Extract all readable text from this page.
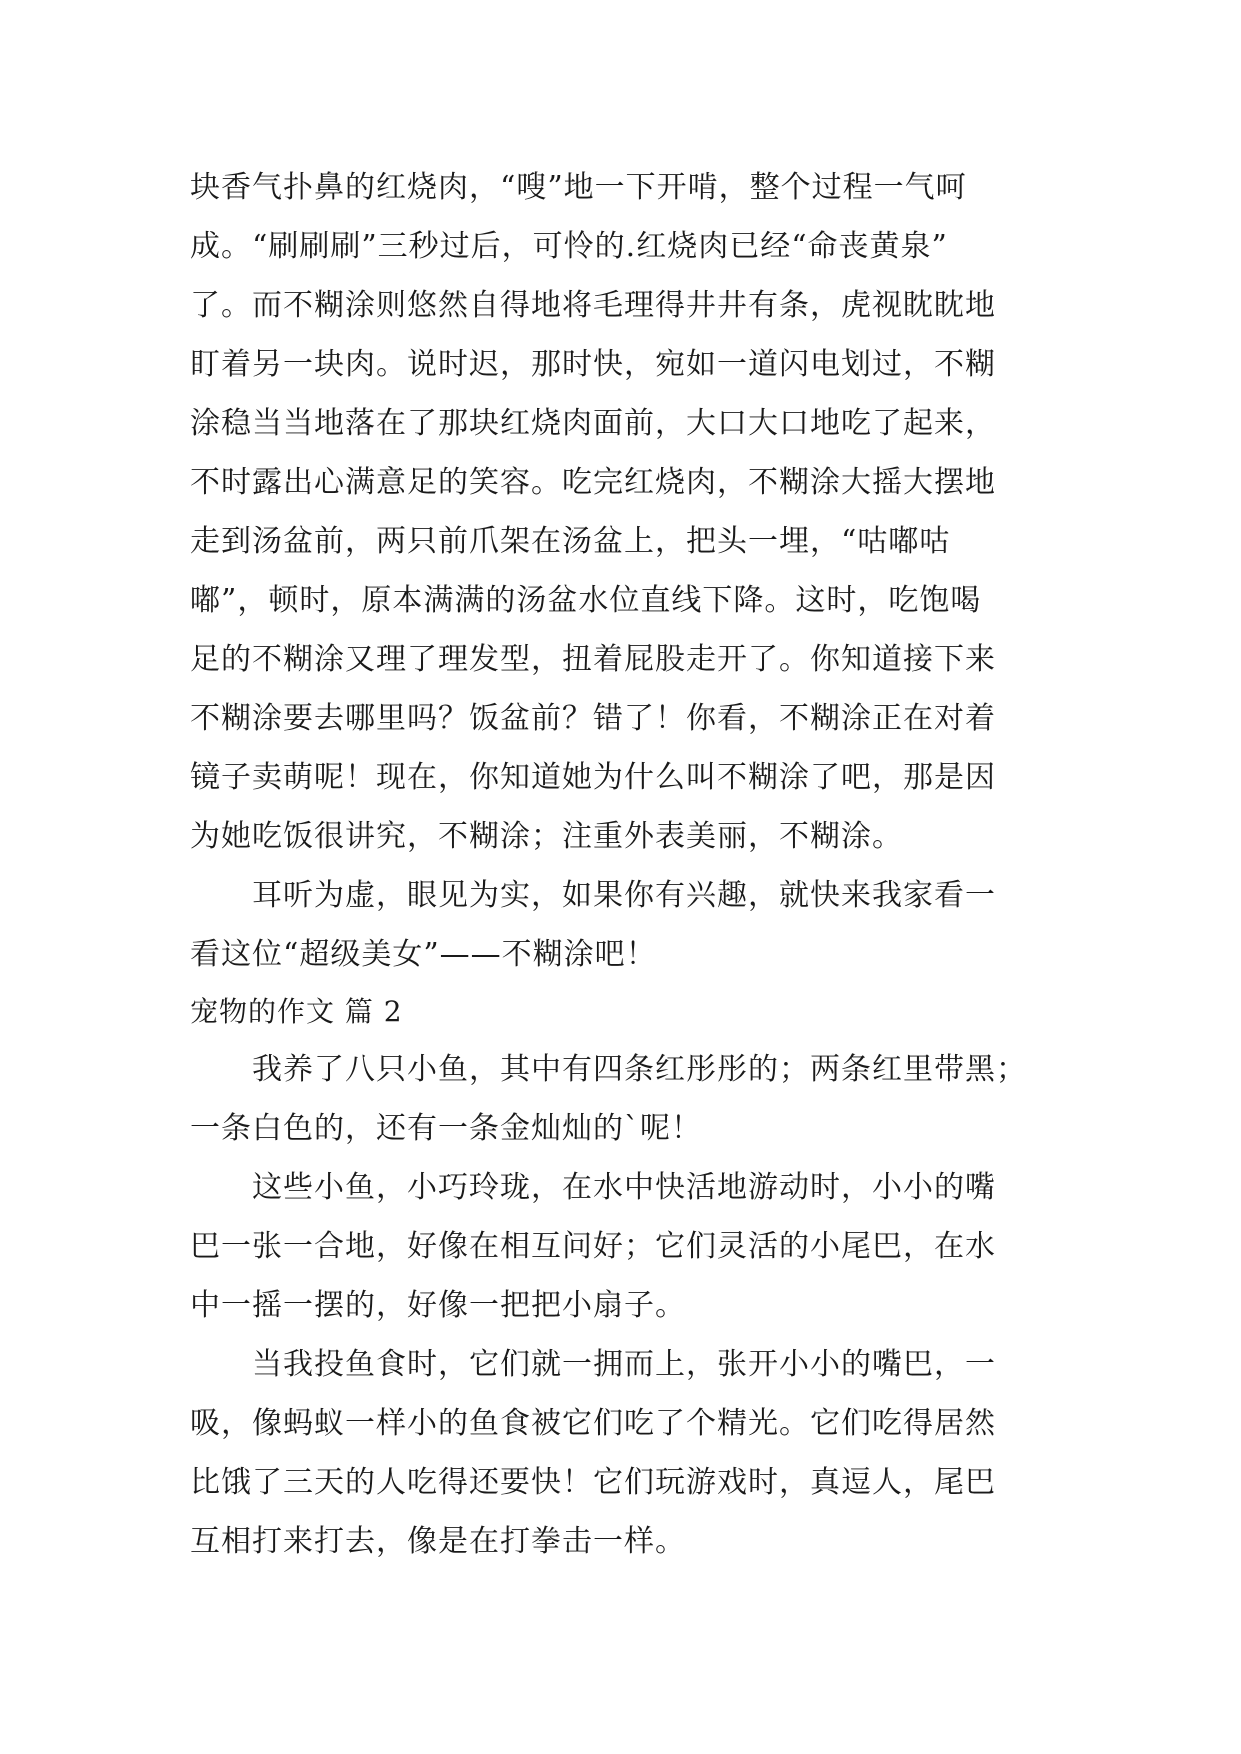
块香气扑鼻的红烧肉，“嗖”地一下开啃，整个过程一气呵
成。“刷刷刷”三秒过后，可怜的.红烧肉已经“命丧黄泉”
了。而不糊涂则悠然自得地将毛理得井井有条，虎视眈眈地
盯着另一块肉。说时迟，那时快，宛如一道闪电划过，不糊
涂稳当当地落在了那块红烧肉面前，大口大口地吃了起来，
不时露出心满意足的笑容。吃完红烧肉，不糊涂大摇大摆地
走到汤盆前，两只前爪架在汤盆上，把头一埋，“咕嘟咕
嘟”，顿时，原本满满的汤盆水位直线下降。这时，吃饱喝
足的不糊涂又理了理发型，扭着屁股走开了。你知道接下来
不糊涂要去哪里吗？饭盆前？错了！你看，不糊涂正在对着
镜子卖萌呢！现在，你知道她为什么叫不糊涂了吧，那是因
为她吃饭很讲究，不糊涂；注重外表美丽，不糊涂。
耳听为虚，眼见为实，如果你有兴趣，就快来我家看一
看这位“超级美女”——不糊涂吧！
宠物的作文 篇 2
我养了八只小鱼，其中有四条红彤彤的；两条红里带黑；
一条白色的，还有一条金灿灿的`呢！
这些小鱼，小巧玲珑，在水中快活地游动时，小小的嘴
巴一张一合地，好像在相互问好；它们灵活的小尾巴，在水
中一摇一摆的，好像一把把小扇子。
当我投鱼食时，它们就一拥而上，张开小小的嘴巴，一
吸，像蚂蚁一样小的鱼食被它们吃了个精光。它们吃得居然
比饿了三天的人吃得还要快！它们玩游戏时，真逗人，尾巴
互相打来打去，像是在打拳击一样。
